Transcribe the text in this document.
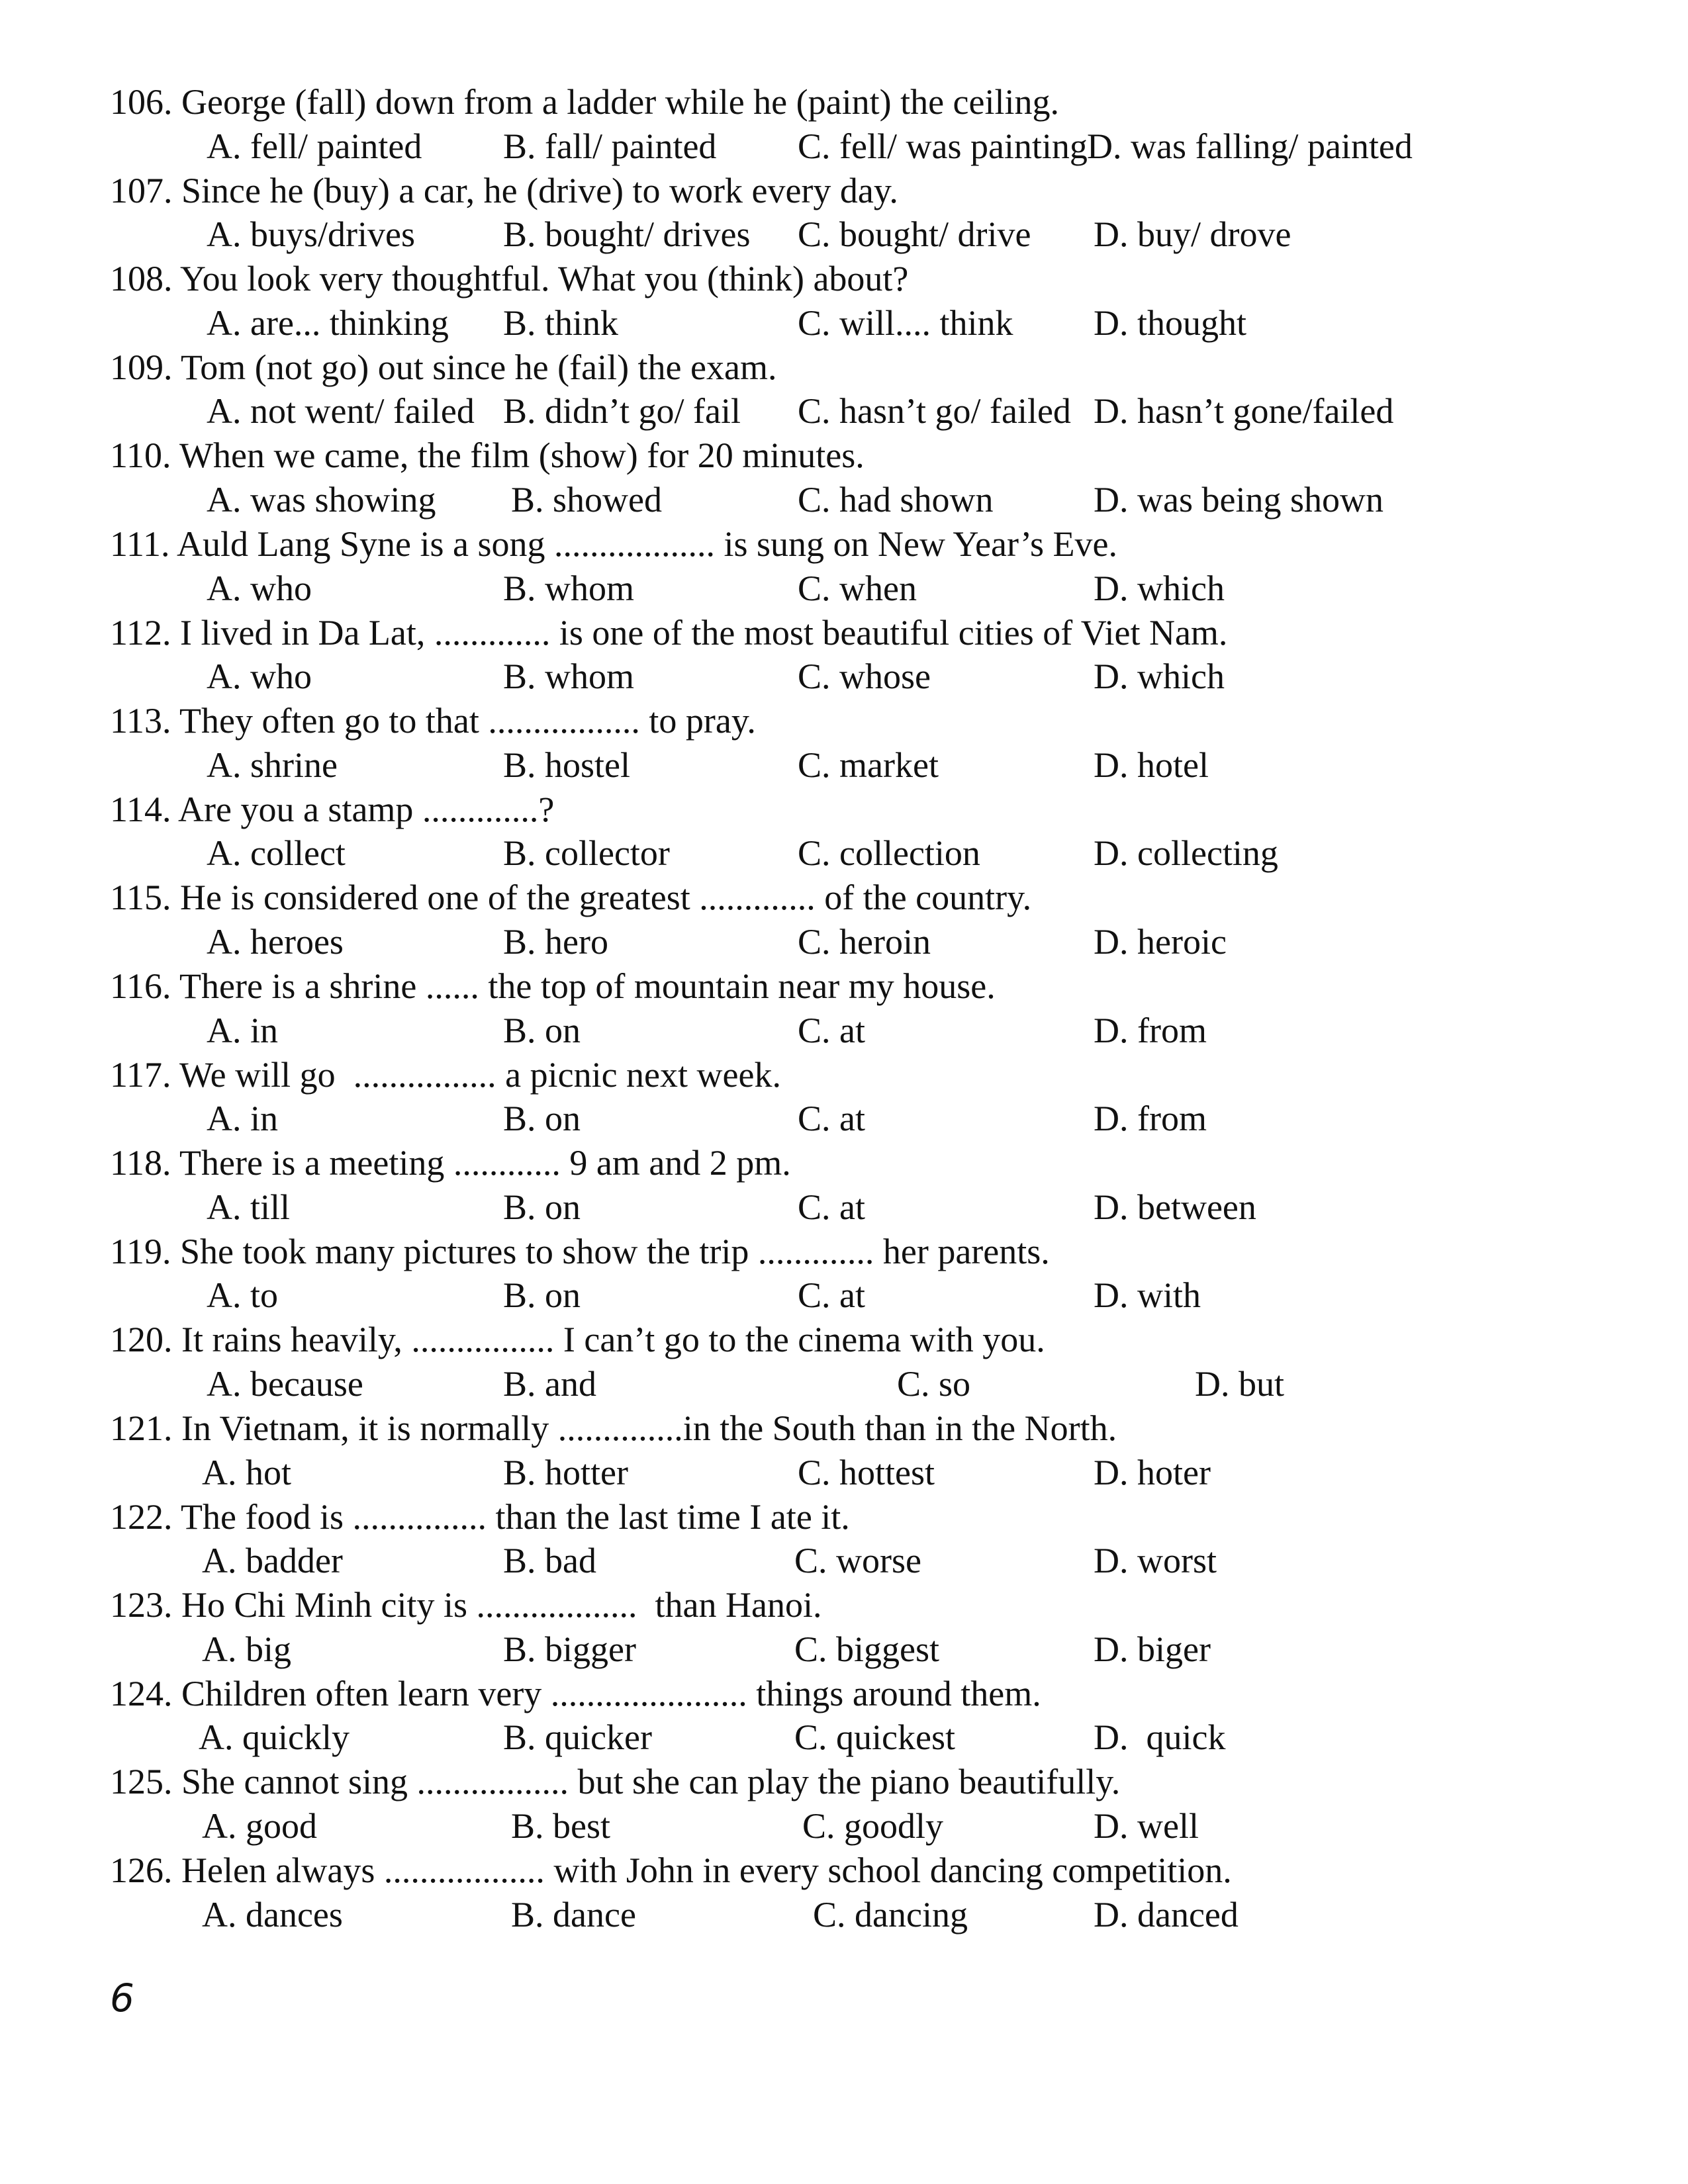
106. George (fall) down from a ladder while he (paint) the ceiling.
A. fell/ painted B. fall/ painted C. fell/ was painting D. was falling/ painted
107. Since he (buy) a car, he (drive) to work every day.
A. buys/drives B. bought/ drives C. bought/ drive D. buy/ drove
108. You look very thoughtful. What you (think) about?
A. are... thinking B. think	C. will.... think D. thought
109. Tom (not go) out since he (fail) the exam.
A. not went/ failed B. didn’t go/ fail C. hasn’t go/ failed D. hasn’t gone/failed
110. When we came, the film (show) for 20 minutes.
A. was showing B. showed	C. had shown	D. was being shown
111. Auld Lang Syne is a song .................. is sung on New Year’s Eve.
A. who	B. whom	C. when	D. which
112. I lived in Da Lat, ............. is one of the most beautiful cities of Viet Nam.
A. who	B. whom	C. whose	D. which
113. They often go to that ................. to pray.
A. shrine	B. hostel	C. market	D. hotel
114. Are you a stamp .............?
A. collect	B. collector	C. collection	D. collecting
115. He is considered one of the greatest ............. of the country.
A. heroes	B. hero	C. heroin	D. heroic
116. There is a shrine ...... the top of mountain near my house.
A. in	B. on	C. at	D. from
117. We will go  ................ a picnic next week.
A. in	B. on	C. at	D. from
118. There is a meeting ............ 9 am and 2 pm.
A. till	B. on	C. at	D. between
119. She took many pictures to show the trip ............. her parents.
A. to	B. on	C. at	D. with
120. It rains heavily, ................ I can’t go to the cinema with you.
A. because	B. and	C. so	D. but
121. In Vietnam, it is normally ..............in the South than in the North.
A. hot	B. hotter	C. hottest	D. hoter
122. The food is ............... than the last time I ate it.
A. badder	B. bad	C. worse	D. worst
123. Ho Chi Minh city is ..................  than Hanoi.
A. big	B. bigger	C. biggest	D. biger
124. Children often learn very ...................... things around them.
A. quickly	B. quicker	C. quickest	D.  quick
125. She cannot sing ................. but she can play the piano beautifully.
A. good	B. best	C. goodly	D. well
126. Helen always .................. with John in every school dancing competition.
A. dances	B. dance	C. dancing	D. danced
6
